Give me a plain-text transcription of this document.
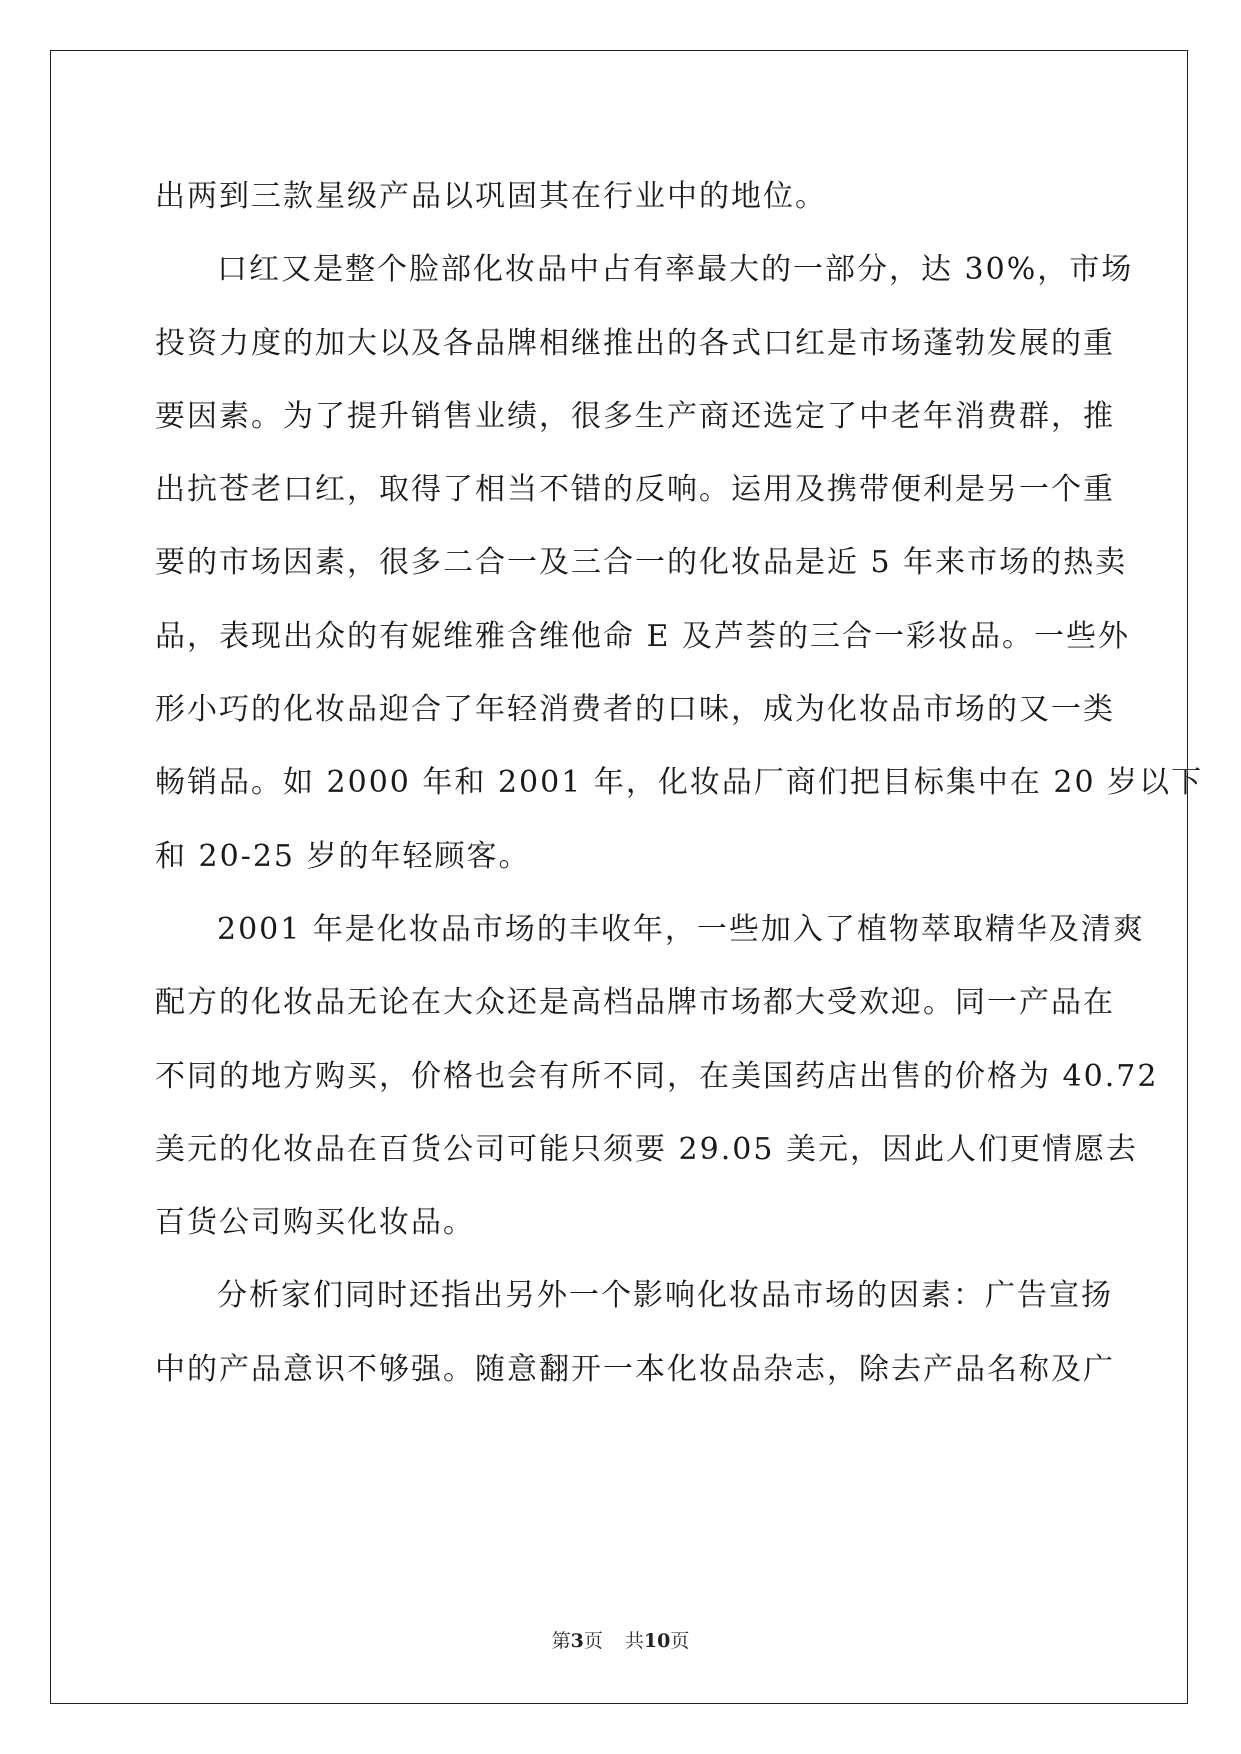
出两到三款星级产品以巩固其在行业中的地位。
口红又是整个脸部化妆品中占有率最大的一部分，达 30%，市场
投资力度的加大以及各品牌相继推出的各式口红是市场蓬勃发展的重
要因素。为了提升销售业绩，很多生产商还选定了中老年消费群，推
出抗苍老口红，取得了相当不错的反响。运用及携带便利是另一个重
要的市场因素，很多二合一及三合一的化妆品是近 5 年来市场的热卖
品，表现出众的有妮维雅含维他命 E 及芦荟的三合一彩妆品。一些外
形小巧的化妆品迎合了年轻消费者的口味，成为化妆品市场的又一类
畅销品。如 2000 年和 2001 年，化妆品厂商们把目标集中在 20 岁以下
和 20-25 岁的年轻顾客。
2001 年是化妆品市场的丰收年，一些加入了植物萃取精华及清爽
配方的化妆品无论在大众还是高档品牌市场都大受欢迎。同一产品在
不同的地方购买，价格也会有所不同，在美国药店出售的价格为 40.72
美元的化妆品在百货公司可能只须要 29.05 美元，因此人们更情愿去
百货公司购买化妆品。
分析家们同时还指出另外一个影响化妆品市场的因素：广告宣扬
中的产品意识不够强。随意翻开一本化妆品杂志，除去产品名称及广
第3页 共10页
